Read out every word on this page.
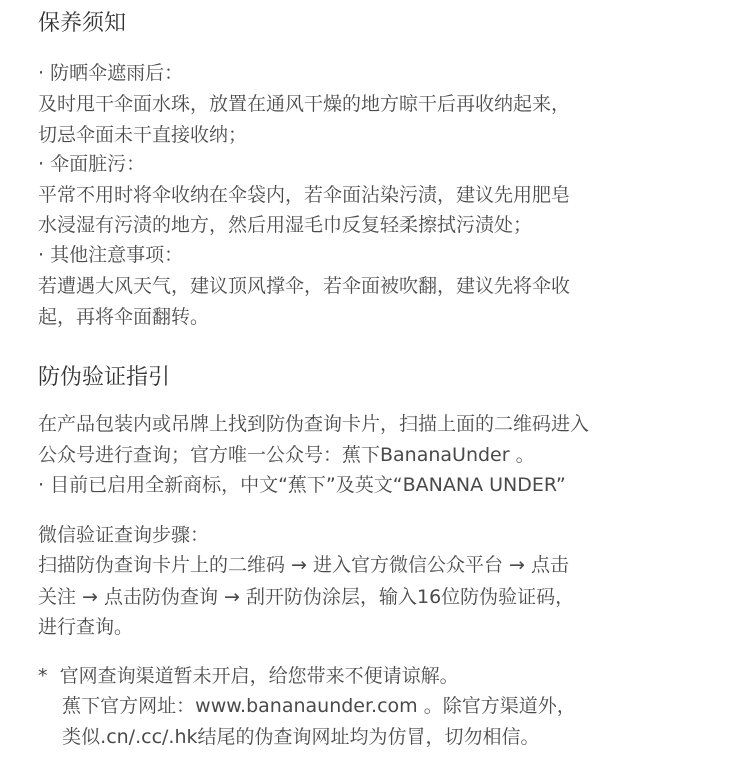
保养须知
· 防晒伞遮雨后：
及时甩干伞面水珠，放置在通风干燥的地方晾干后再收纳起来，
切忌伞面未干直接收纳；
· 伞面脏污：
平常不用时将伞收纳在伞袋内，若伞面沾染污渍，建议先用肥皂
水浸湿有污渍的地方，然后用湿毛巾反复轻柔擦拭污渍处；
· 其他注意事项：
若遭遇大风天气，建议顶风撑伞，若伞面被吹翻，建议先将伞收
起，再将伞面翻转。
防伪验证指引
在产品包装内或吊牌上找到防伪查询卡片，扫描上面的二维码进入
公众号进行查询；官方唯一公众号：蕉下BananaUnder 。
· 目前已启用全新商标，中文“蕉下”及英文“BANANA UNDER”
微信验证查询步骤：
扫描防伪查询卡片上的二维码 → 进入官方微信公众平台 → 点击
关注 → 点击防伪查询 → 刮开防伪涂层，输入16位防伪验证码，
进行查询。
*  官网查询渠道暂未开启，给您带来不便请谅解。
蕉下官方网址：www.bananaunder.com 。除官方渠道外，
类似.cn/.cc/.hk结尾的伪查询网址均为仿冒，切勿相信。
